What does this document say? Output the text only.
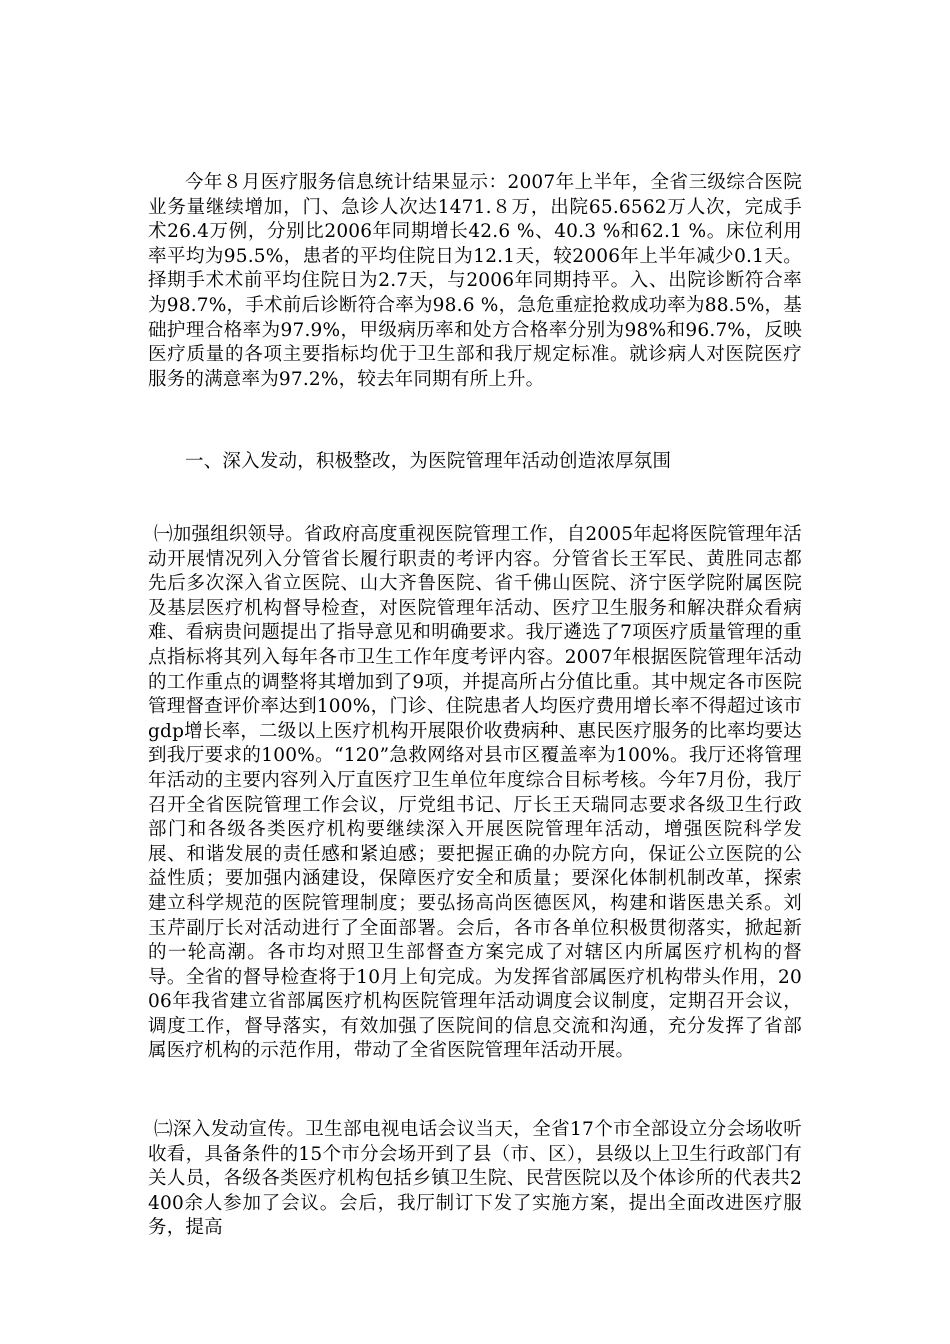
今年８月医疗服务信息统计结果显示：2007年上半年，全省三级综合医院业务量继续增加，门、急诊人次达1471.８万，出院65.6562万人次，完成手术26.4万例，分别比2006年同期增长42.6 %、40.3 %和62.1 %。床位利用率平均为95.5%，患者的平均住院日为12.1天，较2006年上半年减少0.1天。择期手术术前平均住院日为2.7天，与2006年同期持平。入、出院诊断符合率为98.7%，手术前后诊断符合率为98.6 %，急危重症抢救成功率为88.5%，基础护理合格率为97.9%，甲级病历率和处方合格率分别为98%和96.7%，反映医疗质量的各项主要指标均优于卫生部和我厅规定标准。就诊病人对医院医疗服务的满意率为97.2%，较去年同期有所上升。

一、深入发动，积极整改，为医院管理年活动创造浓厚氛围

㈠加强组织领导。省政府高度重视医院管理工作，自2005年起将医院管理年活动开展情况列入分管省长履行职责的考评内容。分管省长王军民、黄胜同志都先后多次深入省立医院、山大齐鲁医院、省千佛山医院、济宁医学院附属医院及基层医疗机构督导检查，对医院管理年活动、医疗卫生服务和解决群众看病难、看病贵问题提出了指导意见和明确要求。我厅遴选了7项医疗质量管理的重点指标将其列入每年各市卫生工作年度考评内容。2007年根据医院管理年活动的工作重点的调整将其增加到了9项，并提高所占分值比重。其中规定各市医院管理督查评价率达到100%，门诊、住院患者人均医疗费用增长率不得超过该市gdp增长率，二级以上医疗机构开展限价收费病种、惠民医疗服务的比率均要达到我厅要求的100%。“120”急救网络对县市区覆盖率为100%。我厅还将管理年活动的主要内容列入厅直医疗卫生单位年度综合目标考核。今年7月份，我厅召开全省医院管理工作会议，厅党组书记、厅长王天瑞同志要求各级卫生行政部门和各级各类医疗机构要继续深入开展医院管理年活动，增强医院科学发展、和谐发展的责任感和紧迫感；要把握正确的办院方向，保证公立医院的公益性质；要加强内涵建设，保障医疗安全和质量；要深化体制机制改革，探索建立科学规范的医院管理制度；要弘扬高尚医德医风，构建和谐医患关系。刘玉芹副厅长对活动进行了全面部署。会后，各市各单位积极贯彻落实，掀起新的一轮高潮。各市均对照卫生部督查方案完成了对辖区内所属医疗机构的督导。全省的督导检查将于10月上旬完成。为发挥省部属医疗机构带头作用，2006年我省建立省部属医疗机构医院管理年活动调度会议制度，定期召开会议，调度工作，督导落实，有效加强了医院间的信息交流和沟通，充分发挥了省部属医疗机构的示范作用，带动了全省医院管理年活动开展。

㈡深入发动宣传。卫生部电视电话会议当天，全省17个市全部设立分会场收听收看，具备条件的15个市分会场开到了县（市、区），县级以上卫生行政部门有关人员，各级各类医疗机构包括乡镇卫生院、民营医院以及个体诊所的代表共2400余人参加了会议。会后，我厅制订下发了实施方案，提出全面改进医疗服务，提高
